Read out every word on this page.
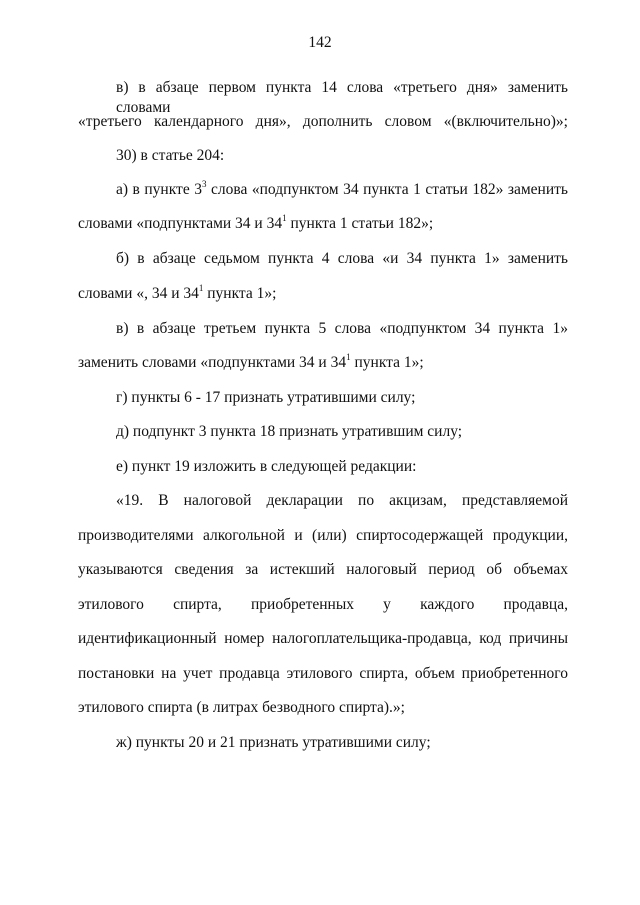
142
в) в абзаце первом пункта 14 слова «третьего дня» заменить словами
«третьего календарного дня», дополнить словом «(включительно)»;
30) в статье 204:
а) в пункте $3^3$ слова «подпунктом 34 пункта 1 статьи 182» заменить
словами «подпунктами 34 и $34^1$ пункта 1 статьи 182»;
б) в абзаце седьмом пункта 4 слова «и 34 пункта 1» заменить
словами «, 34 и $34^1$ пункта 1»;
в) в абзаце третьем пункта 5 слова «подпунктом 34 пункта 1»
заменить словами «подпунктами 34 и $34^1$ пункта 1»;
г) пункты 6 - 17 признать утратившими силу;
д) подпункт 3 пункта 18 признать утратившим силу;
е) пункт 19 изложить в следующей редакции:
«19. В налоговой декларации по акцизам, представляемой
производителями алкогольной и (или) спиртосодержащей продукции,
указываются сведения за истекший налоговый период об объемах
этилового спирта, приобретенных у каждого продавца,
идентификационный номер налогоплательщика-продавца, код причины
постановки на учет продавца этилового спирта, объем приобретенного
этилового спирта (в литрах безводного спирта).»;
ж) пункты 20 и 21 признать утратившими силу;
